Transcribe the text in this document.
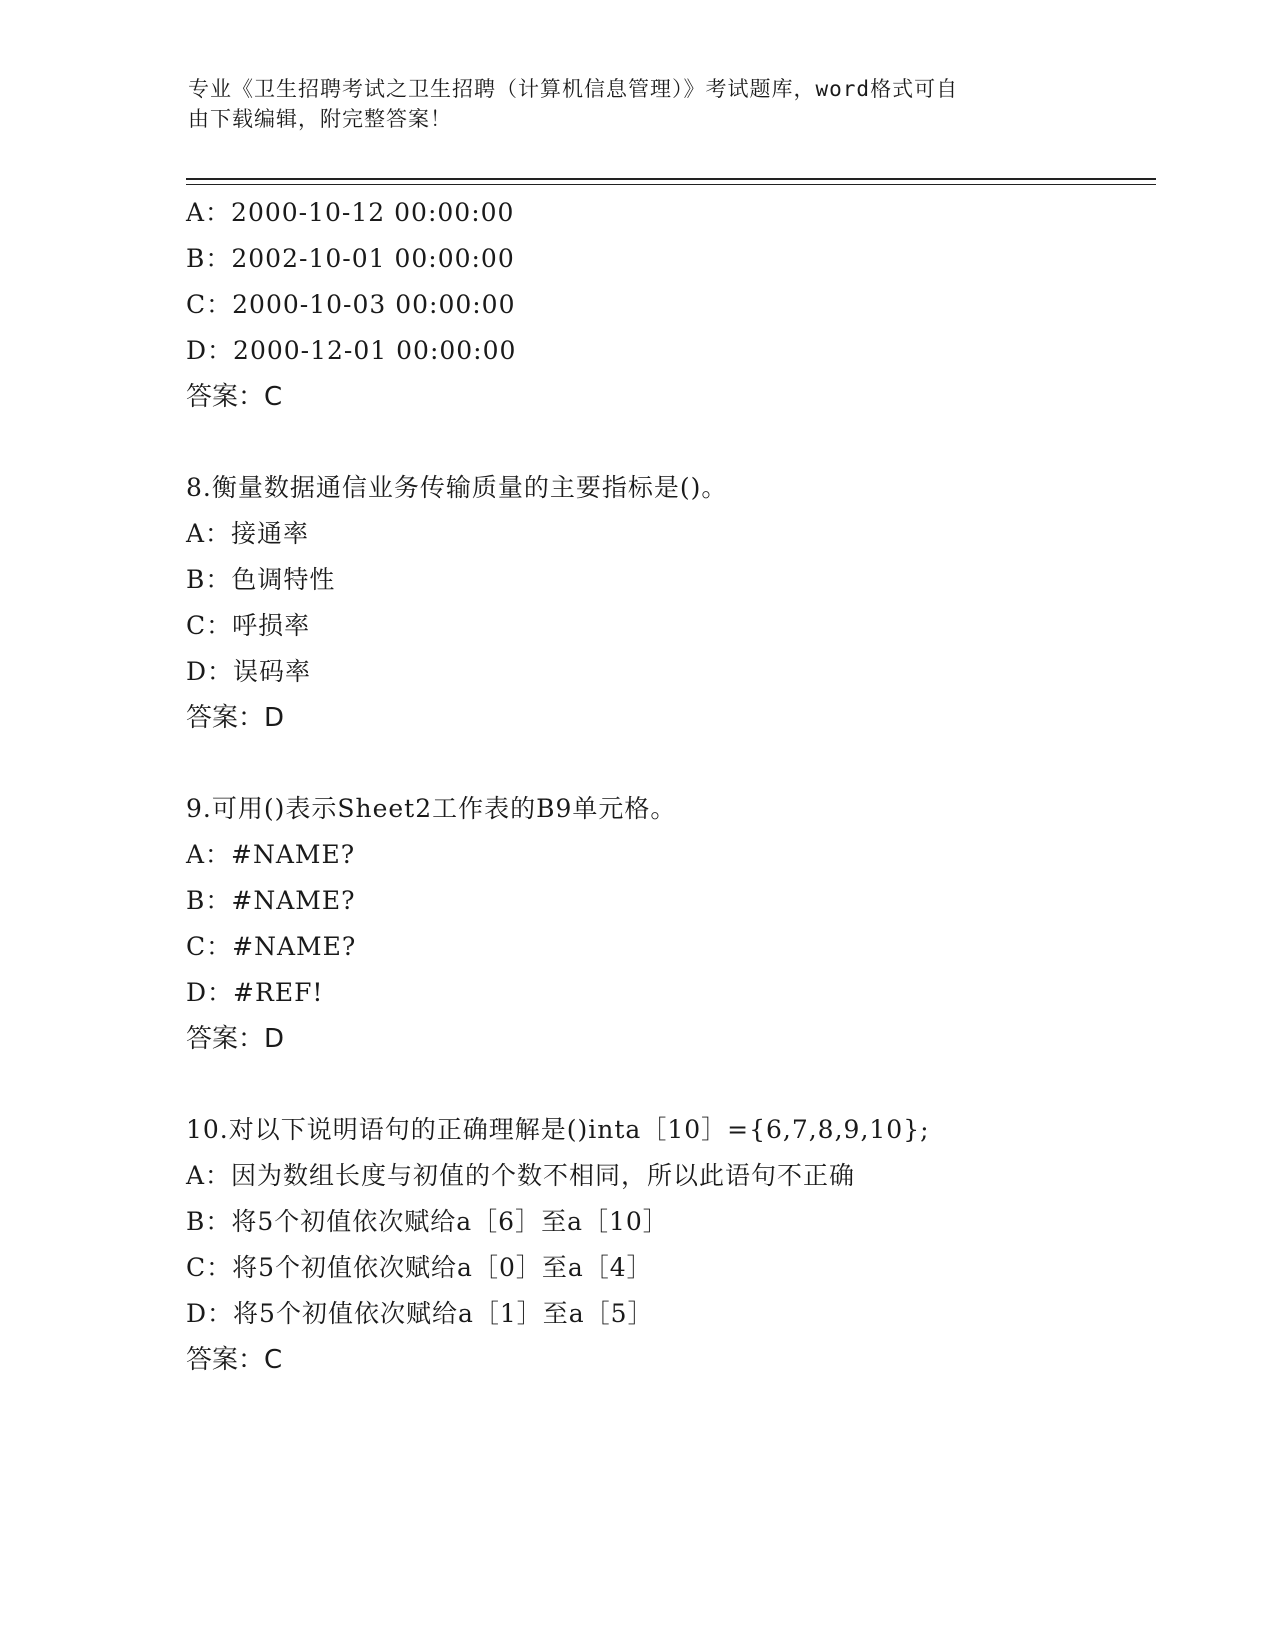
专业《卫生招聘考试之卫生招聘（计算机信息管理）》考试题库，word格式可自
由下载编辑，附完整答案！
A：2000-10-12 00:00:00
B：2002-10-01 00:00:00
C：2000-10-03 00:00:00
D：2000-12-01 00:00:00
答案：C
8.衡量数据通信业务传输质量的主要指标是()。
A：接通率
B：色调特性
C：呼损率
D：误码率
答案：D
9.可用()表示Sheet2工作表的B9单元格。
A：#NAME?
B：#NAME?
C：#NAME?
D：#REF!
答案：D
10.对以下说明语句的正确理解是()inta［10］={6,7,8,9,10};
A：因为数组长度与初值的个数不相同，所以此语句不正确
B：将5个初值依次赋给a［6］至a［10］
C：将5个初值依次赋给a［0］至a［4］
D：将5个初值依次赋给a［1］至a［5］
答案：C
